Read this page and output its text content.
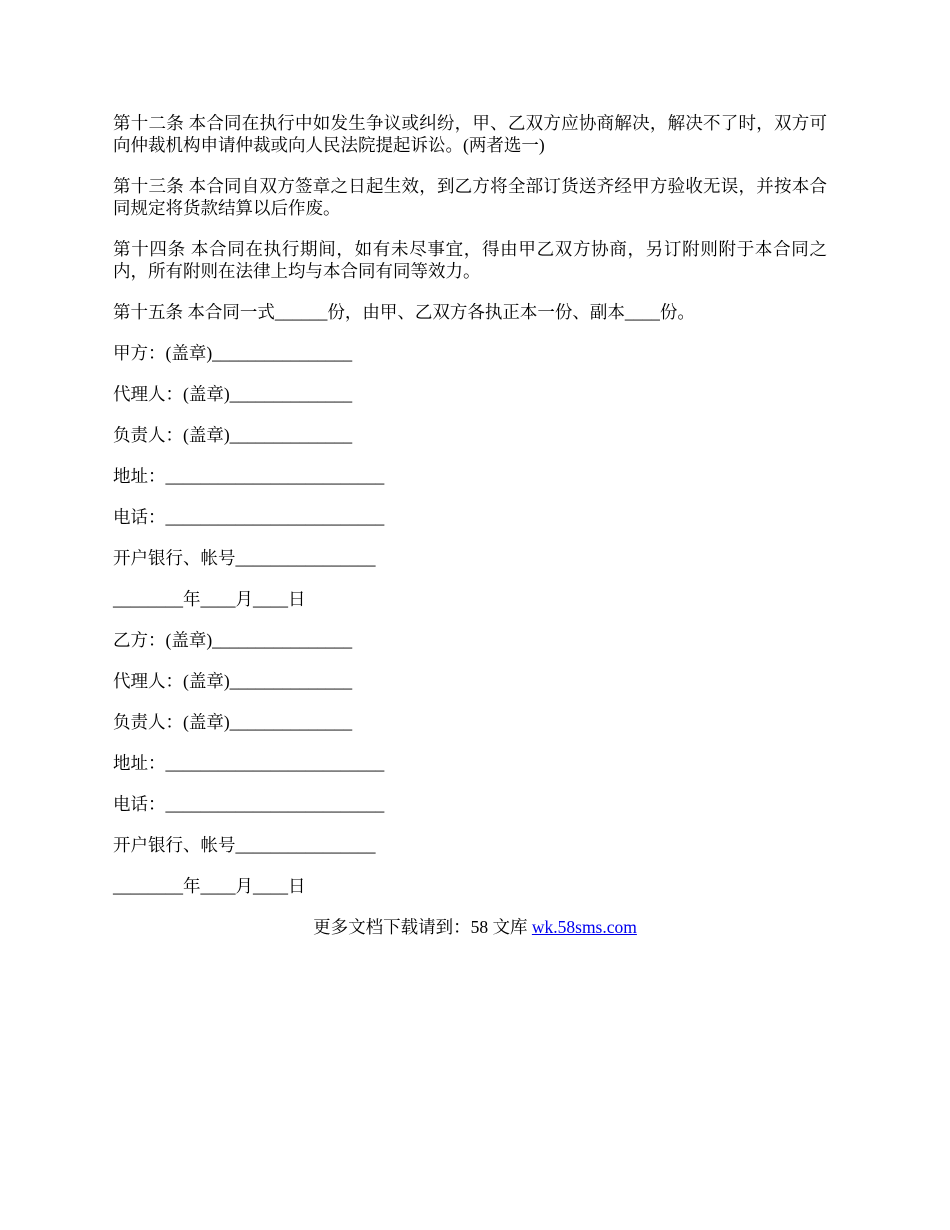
第十二条 本合同在执行中如发生争议或纠纷，甲、乙双方应协商解决，解决不了时，双方可向仲裁机构申请仲裁或向人民法院提起诉讼。(两者选一)

第十三条 本合同自双方签章之日起生效，到乙方将全部订货送齐经甲方验收无误，并按本合同规定将货款结算以后作废。

第十四条 本合同在执行期间，如有未尽事宜，得由甲乙双方协商，另订附则附于本合同之内，所有附则在法律上均与本合同有同等效力。

第十五条 本合同一式______份，由甲、乙双方各执正本一份、副本____份。
甲方：(盖章)________________
代理人：(盖章)______________
负责人：(盖章)______________
地址：_________________________
电话：_________________________
开户银行、帐号________________
________年____月____日
乙方：(盖章)________________
代理人：(盖章)______________
负责人：(盖章)______________
地址：_________________________
电话：_________________________
开户银行、帐号________________
________年____月____日
更多文档下载请到：58 文库 wk.58sms.com
